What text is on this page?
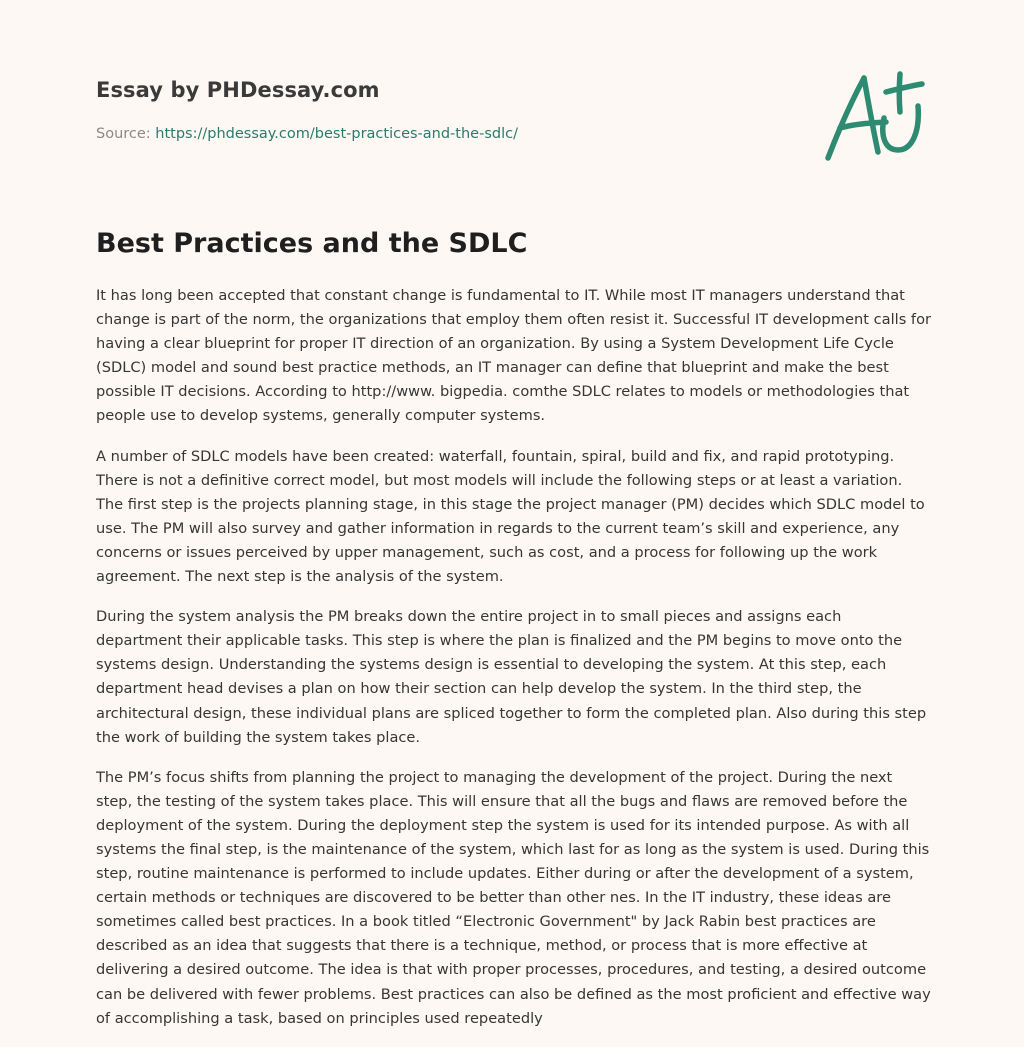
Essay by PHDessay.com
Source: https://phdessay.com/best-practices-and-the-sdlc/
Best Practices and the SDLC

It has long been accepted that constant change is fundamental to IT. While most IT managers understand that change is part of the norm, the organizations that employ them often resist it. Successful IT development calls for having a clear blueprint for proper IT direction of an organization. By using a System Development Life Cycle (SDLC) model and sound best practice methods, an IT manager can define that blueprint and make the best possible IT decisions. According to http://www. bigpedia. comthe SDLC relates to models or methodologies that people use to develop systems, generally computer systems.

A number of SDLC models have been created: waterfall, fountain, spiral, build and fix, and rapid prototyping. There is not a definitive correct model, but most models will include the following steps or at least a variation. The first step is the projects planning stage, in this stage the project manager (PM) decides which SDLC model to use. The PM will also survey and gather information in regards to the current team’s skill and experience, any concerns or issues perceived by upper management, such as cost, and a process for following up the work agreement. The next step is the analysis of the system.

During the system analysis the PM breaks down the entire project in to small pieces and assigns each department their applicable tasks. This step is where the plan is finalized and the PM begins to move onto the systems design. Understanding the systems design is essential to developing the system. At this step, each department head devises a plan on how their section can help develop the system. In the third step, the architectural design, these individual plans are spliced together to form the completed plan. Also during this step the work of building the system takes place.

The PM’s focus shifts from planning the project to managing the development of the project. During the next step, the testing of the system takes place. This will ensure that all the bugs and flaws are removed before the deployment of the system. During the deployment step the system is used for its intended purpose. As with all systems the final step, is the maintenance of the system, which last for as long as the system is used. During this step, routine maintenance is performed to include updates. Either during or after the development of a system, certain methods or techniques are discovered to be better than other nes. In the IT industry, these ideas are sometimes called best practices. In a book titled “Electronic Government" by Jack Rabin best practices are described as an idea that suggests that there is a technique, method, or process that is more effective at delivering a desired outcome. The idea is that with proper processes, procedures, and testing, a desired outcome can be delivered with fewer problems. Best practices can also be defined as the most proficient and effective way of accomplishing a task, based on principles used repeatedly
